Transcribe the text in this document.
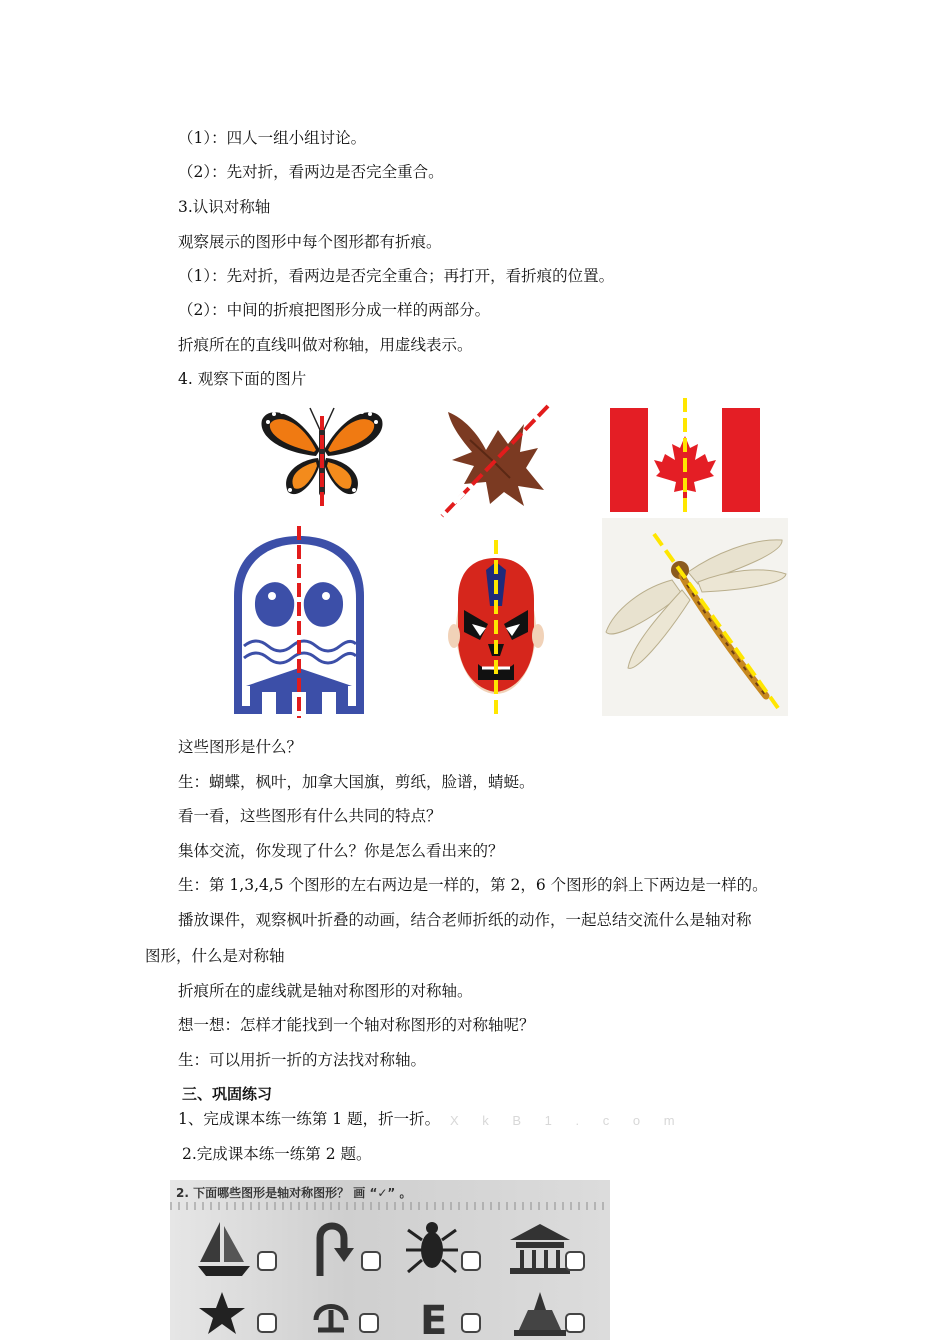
（1）：四人一组小组讨论。
（2）：先对折，看两边是否完全重合。
3.认识对称轴
观察展示的图形中每个图形都有折痕。
（1）：先对折，看两边是否完全重合；再打开，看折痕的位置。
（2）：中间的折痕把图形分成一样的两部分。
折痕所在的直线叫做对称轴，用虚线表示。
4. 观察下面的图片
这些图形是什么？
生：蝴蝶，枫叶，加拿大国旗，剪纸，脸谱，蜻蜓。
看一看，这些图形有什么共同的特点？
集体交流，你发现了什么？你是怎么看出来的？
生：第 1,3,4,5 个图形的左右两边是一样的，第 2，6 个图形的斜上下两边是一样的。
播放课件，观察枫叶折叠的动画，结合老师折纸的动作，一起总结交流什么是轴对称
图形，什么是对称轴
折痕所在的虚线就是轴对称图形的对称轴。
想一想：怎样才能找到一个轴对称图形的对称轴呢？
生：可以用折一折的方法找对称轴。
三、巩固练习
1、完成课本练一练第 1 题，折一折。 X k B 1 . c o m
2.完成课本练一练第 2 题。
2. 下面哪些图形是轴对称图形？ 画 “✓” 。
E
